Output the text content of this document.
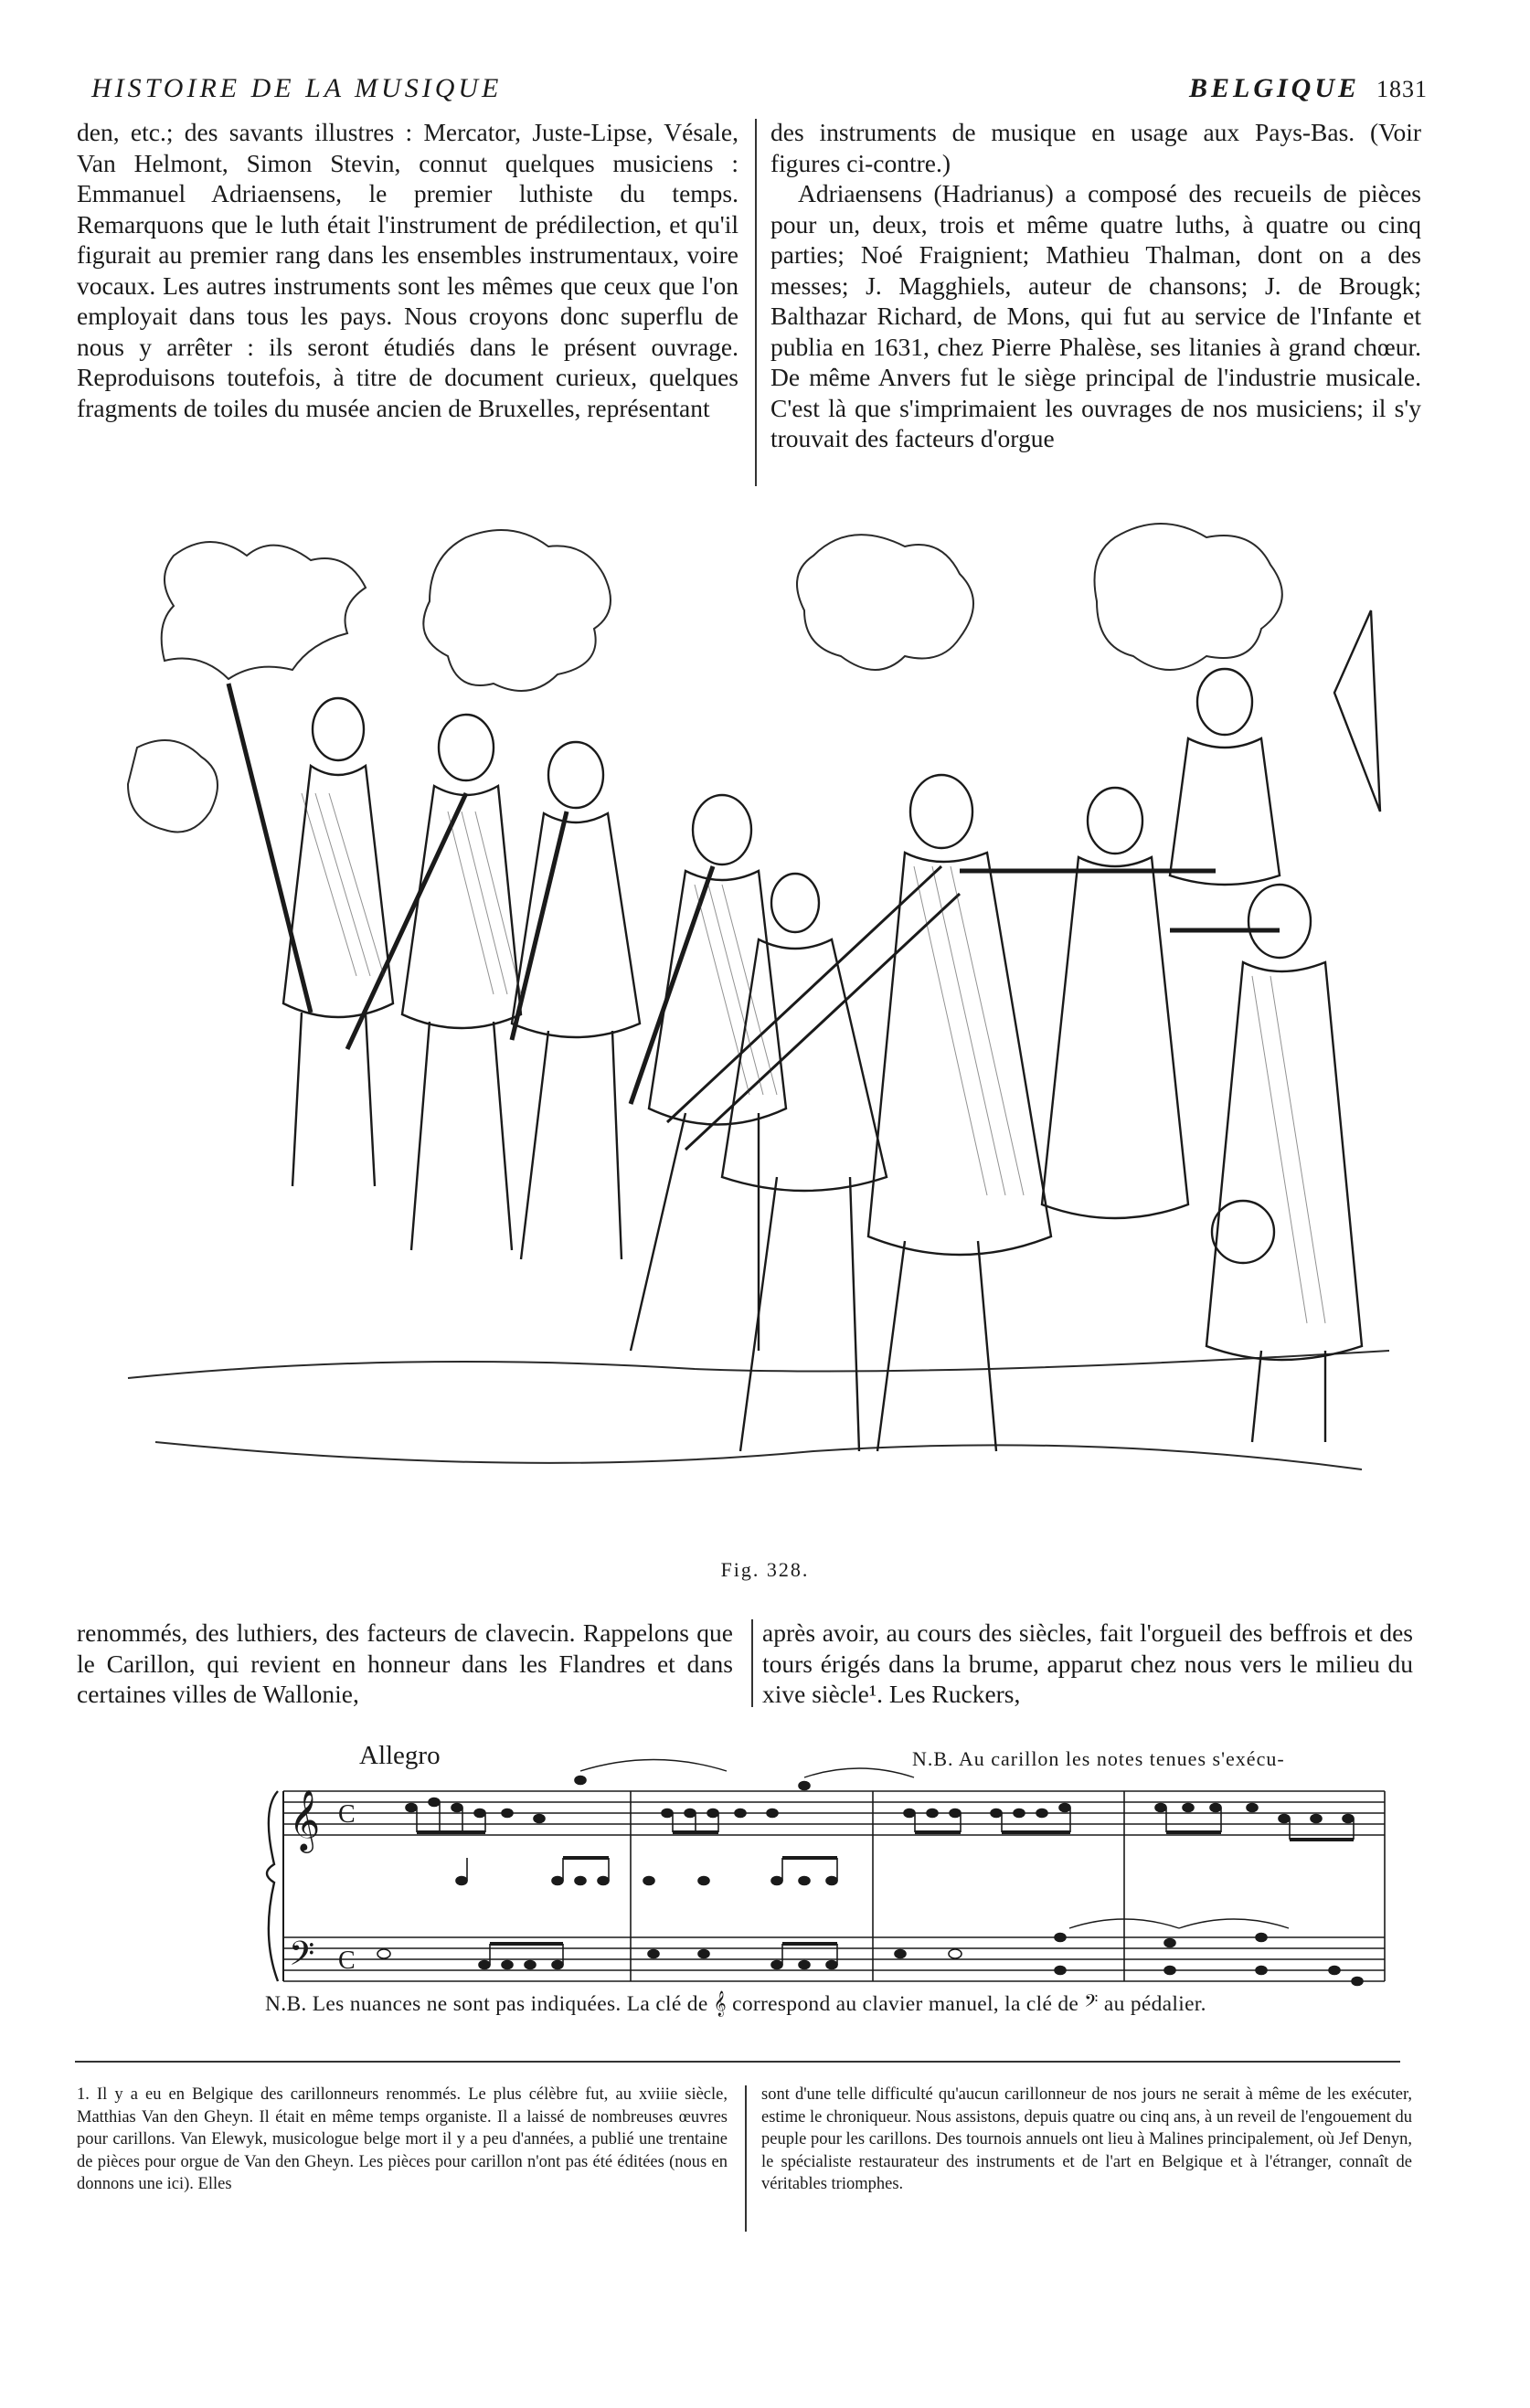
HISTOIRE DE LA MUSIQUE	BELGIQUE 1831

den, etc.; des savants illustres : Mercator, Juste-Lipse, Vésale, Van Helmont, Simon Stevin, connut quelques musiciens : Emmanuel Adriaensens, le premier luthiste du temps. Remarquons que le luth était l'instrument de prédilection, et qu'il figurait au premier rang dans les ensembles instrumentaux, voire vocaux. Les autres instruments sont les mêmes que ceux que l'on employait dans tous les pays. Nous croyons donc superflu de nous y arrêter : ils seront étudiés dans le présent ouvrage. Reproduisons toutefois, à titre de document curieux, quelques fragments de toiles du musée ancien de Bruxelles, représentant

des instruments de musique en usage aux Pays-Bas. (Voir figures ci-contre.)

Adriaensens (Hadrianus) a composé des recueils de pièces pour un, deux, trois et même quatre luths, à quatre ou cinq parties; Noé Fraignient; Mathieu Thalman, dont on a des messes; J. Magghiels, auteur de chansons; J. de Brougk; Balthazar Richard, de Mons, qui fut au service de l'Infante et publia en 1631, chez Pierre Phalèse, ses litanies à grand chœur. De même Anvers fut le siège principal de l'industrie musicale. C'est là que s'imprimaient les ouvrages de nos musiciens; il s'y trouvait des facteurs d'orgue

Fig. 328.

renommés, des luthiers, des facteurs de clavecin. Rappelons que le Carillon, qui revient en honneur dans les Flandres et dans certaines villes de Wallonie,

après avoir, au cours des siècles, fait l'orgueil des beffrois et des tours érigés dans la brume, apparut chez nous vers le milieu du xive siècle¹. Les Ruckers,

Allegro	N.B. Au carillon les notes tenues s'exécu-
𝄞
𝄢
C
C
N.B. Les nuances ne sont pas indiquées. La clé de 𝄞 correspond au clavier manuel, la clé de 𝄢 au pédalier.

1. Il y a eu en Belgique des carillonneurs renommés. Le plus célèbre fut, au xviiie siècle, Matthias Van den Gheyn. Il était en même temps organiste. Il a laissé de nombreuses œuvres pour carillons. Van Elewyk, musicologue belge mort il y a peu d'années, a publié une trentaine de pièces pour orgue de Van den Gheyn. Les pièces pour carillon n'ont pas été éditées (nous en donnons une ici). Elles

sont d'une telle difficulté qu'aucun carillonneur de nos jours ne serait à même de les exécuter, estime le chroniqueur. Nous assistons, depuis quatre ou cinq ans, à un reveil de l'engouement du peuple pour les carillons. Des tournois annuels ont lieu à Malines principalement, où Jef Denyn, le spécialiste restaurateur des instruments et de l'art en Belgique et à l'étranger, connaît de véritables triomphes.
